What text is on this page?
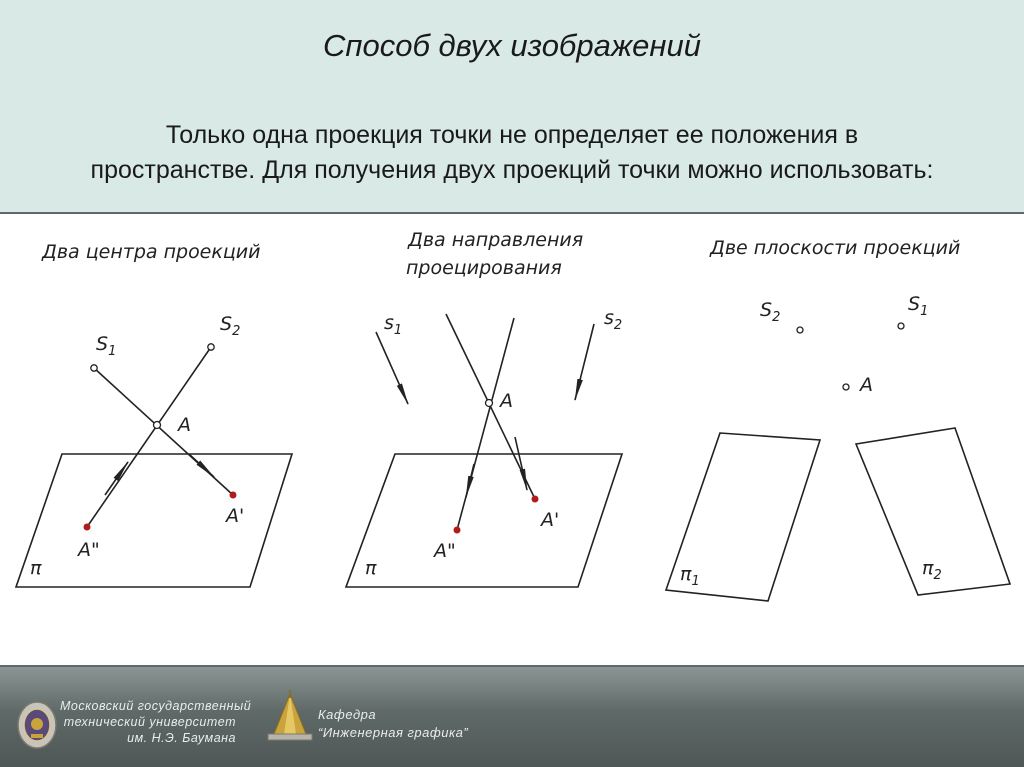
Способ двух изображений
Только одна проекция точки не определяет ее положения в
пространстве. Для получения двух проекций точки можно использовать:
Два центра проекций
π
$S_1$
$S_2$
A
A'
A"
Два направления
проецирования
π
$s_1$
$s_2$
A
A'
A"
Две плоскости проекций
$S_2$
$S_1$
A
$\pi_1$
$\pi_2$
Московский государственный
технический университет
им. Н.Э. Баумана
Кафедра
“Инженерная графика”
